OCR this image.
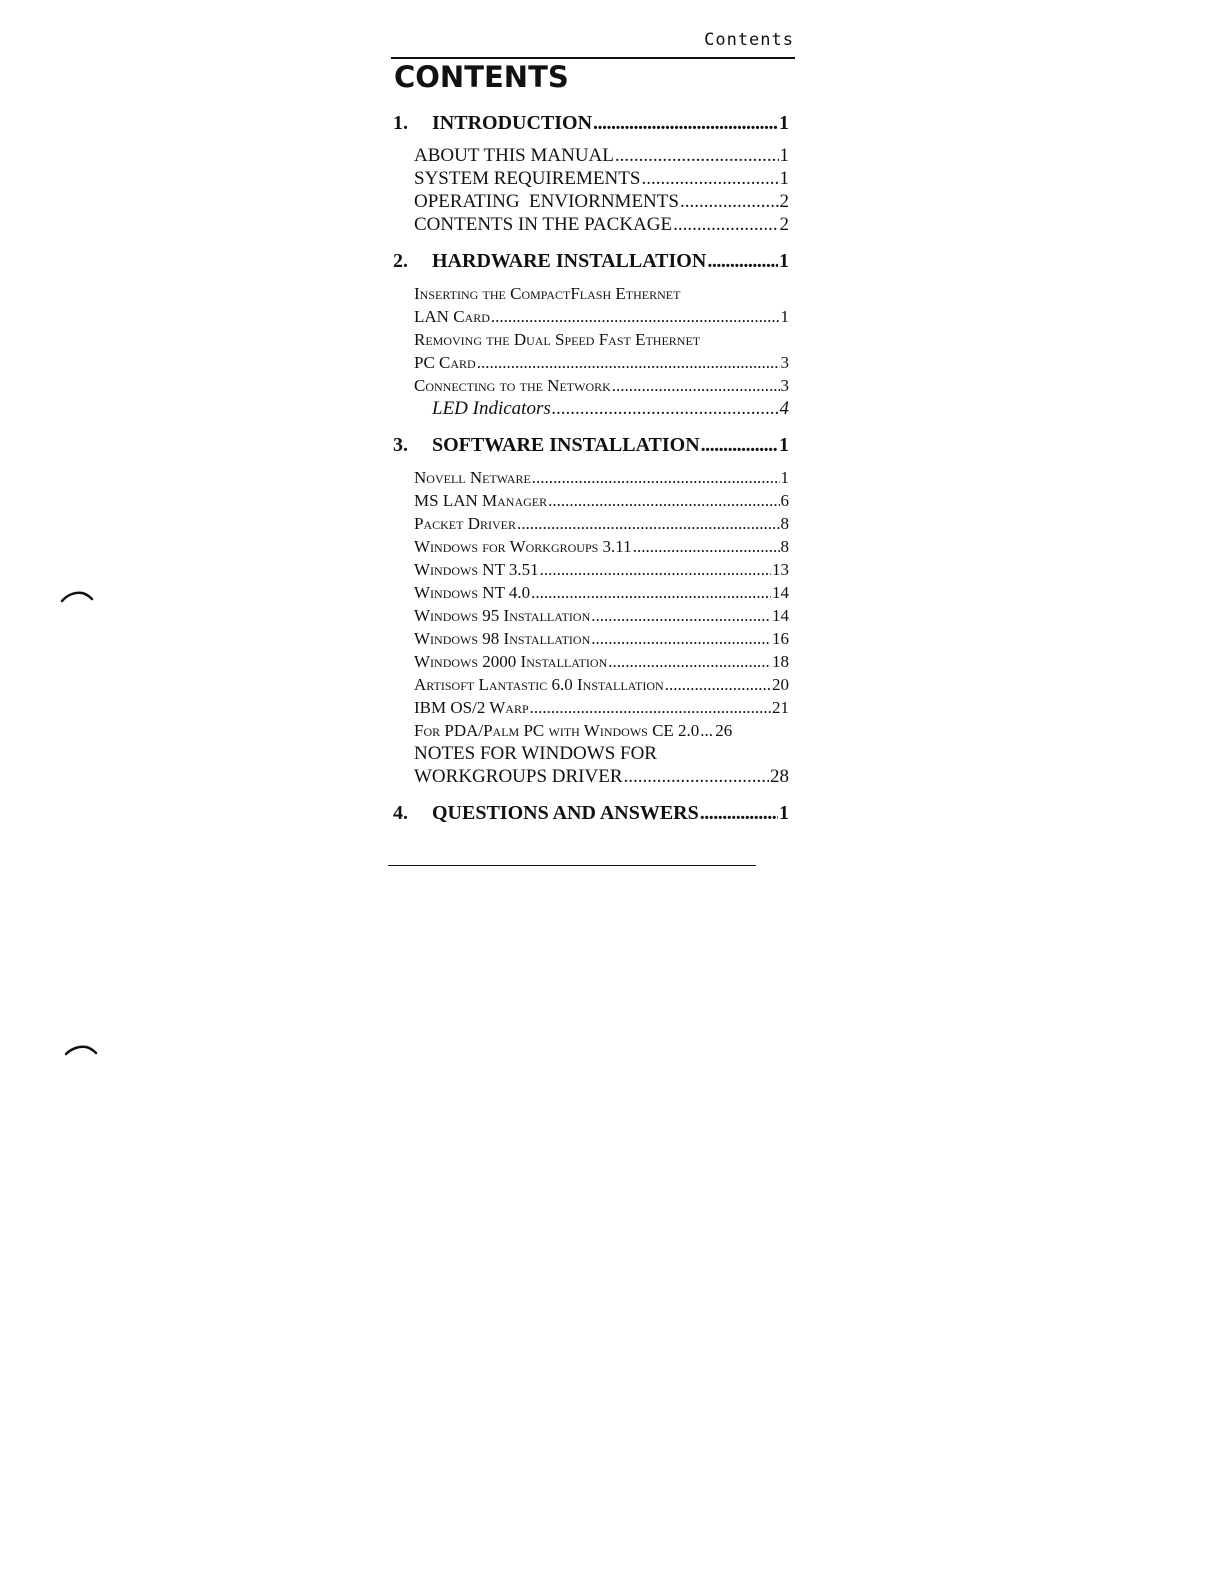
Contents
CONTENTS
1.	INTRODUCTION .....	1
ABOUT THIS MANUAL .....	1
SYSTEM REQUIREMENTS .....	1
OPERATING  ENVIORNMENTS .....	2
CONTENTS IN THE PACKAGE .....	2
2.	HARDWARE INSTALLATION .....	1
Inserting the CompactFlash Ethernet
LAN Card .....	1
Removing the Dual Speed Fast Ethernet
PC Card .....	3
Connecting to the Network .....	3
LED Indicators .....	4
3.	SOFTWARE INSTALLATION .....	1
Novell Netware .....	1
MS LAN Manager .....	6
Packet Driver .....	8
Windows for Workgroups 3.11 .....	8
Windows NT 3.51 .....	13
Windows NT 4.0 .....	14
Windows 95 Installation .....	14
Windows 98 Installation .....	16
Windows 2000 Installation .....	18
Artisoft Lantastic 6.0 Installation .....	20
IBM OS/2 Warp .....	21
For PDA/Palm PC with Windows CE 2.0 ..... 26
NOTES FOR WINDOWS FOR
WORKGROUPS DRIVER .....	28
4.	QUESTIONS AND ANSWERS .....	1
